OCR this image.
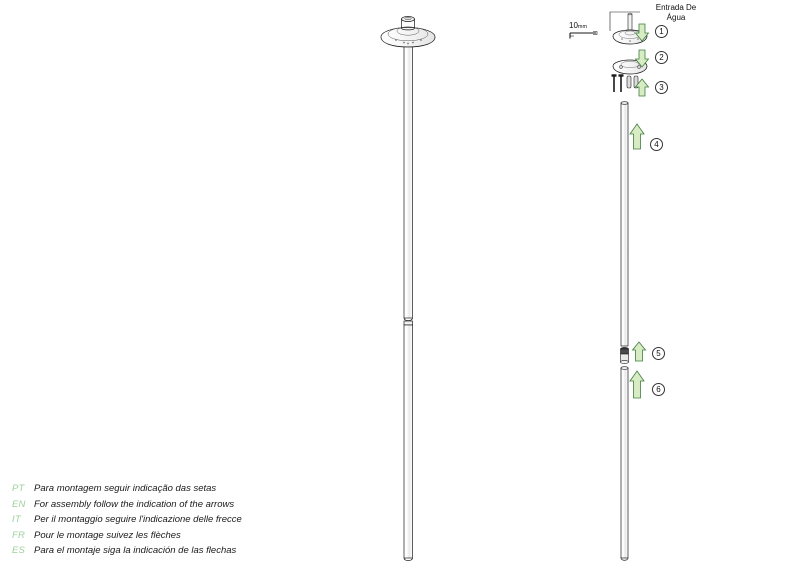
Entrada De
Água
10mm	1
2
3
4
5
6
PT Para montagem seguir indicação das setas
EN For assembly follow the indication of the arrows
IT	Per il montaggio seguire l'indicazione delle frecce
FR Pour le montage suivez les flèches
ES Para el montaje siga la indicación de las flechas
